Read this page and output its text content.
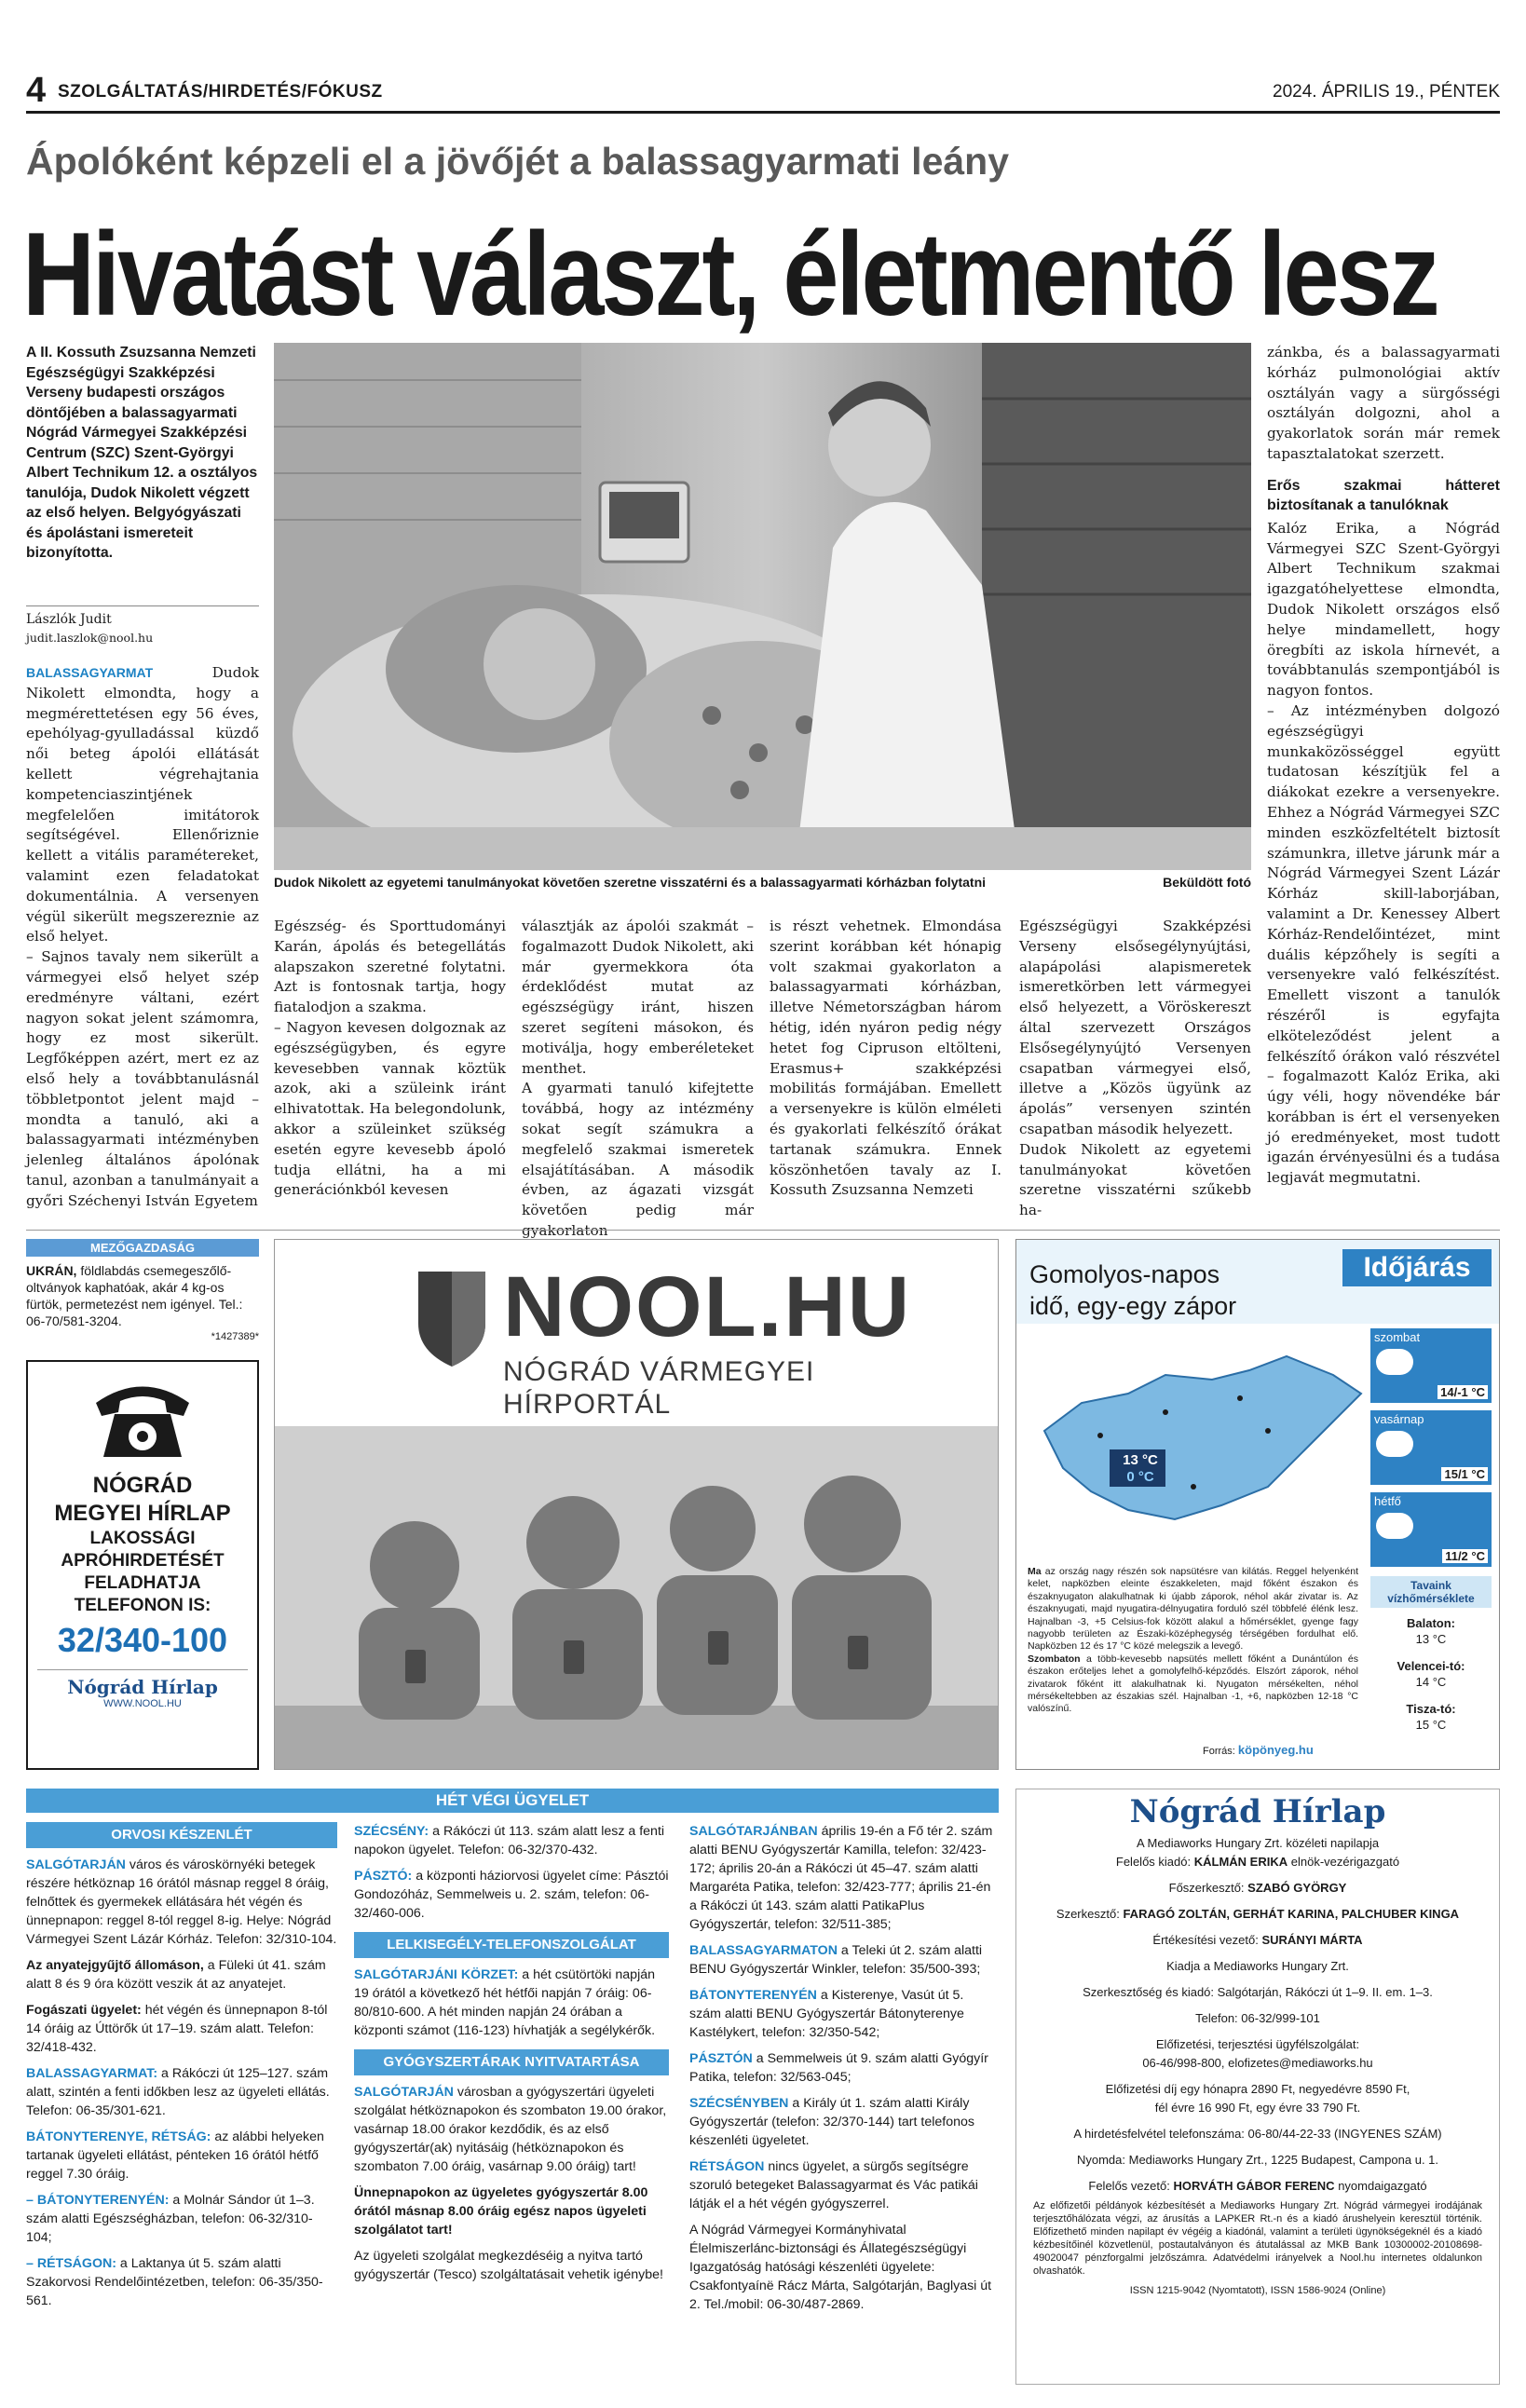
4 SZOLGÁLTATÁS/HIRDETÉS/FÓKUSZ	2024. ÁPRILIS 19., PÉNTEK
Ápolóként képzeli el a jövőjét a balassagyarmati leány
Hivatást választ, életmentő lesz
A II. Kossuth Zsuzsanna Nemzeti Egészségügyi Szakképzési Verseny budapesti országos döntőjében a balassagyarmati Nógrád Vármegyei Szakképzési Centrum (SZC) Szent-Györgyi Albert Technikum 12. a osztályos tanulója, Dudok Nikolett végzett az első helyen. Belgyógyászati és ápolástani ismereteit bizonyította.
Lászlók Judit
judit.laszlok@nool.hu

BALASSAGYARMAT	Dudok Nikolett elmondta, hogy a megmérettetésen egy 56 éves, epehólyag-gyulladással küzdő női beteg ápolói ellátását kellett végrehajtania kompetenciaszintjének megfelelően imitátorok segítségével. Ellenőriznie kellett a vitális paramétereket, valamint ezen feladatokat dokumentálnia. A versenyen végül sikerült megszereznie az első helyet.

– Sajnos tavaly nem sikerült a vármegyei első helyet szép eredményre váltani, ezért nagyon sokat jelent számomra, hogy ez most sikerült. Legfőképpen azért, mert ez az első hely a továbbtanulásnál többletpontot jelent majd – mondta a tanuló, aki a balassagyarmati intézményben jelenleg általános ápolónak tanul, azonban a tanulmányait a győri Széchenyi István Egyetem

Dudok Nikolett az egyetemi tanulmányokat követően szeretne visszatérni és a balassagyarmati kórházban folytatni	Beküldött fotó

zánkba, és a balassagyarmati kórház pulmonológiai aktív osztályán vagy a sürgősségi osztályán dolgozni, ahol a gyakorlatok során már remek tapasztalatokat szerzett.

Erős szakmai hátteret biztosítanak a tanulóknak

Kalóz Erika, a Nógrád Vármegyei SZC Szent-Györgyi Albert Technikum szakmai igazgatóhelyettese elmondta, Dudok Nikolett országos első helye mindamellett, hogy öregbíti az iskola hírnevét, a továbbtanulás szempontjából is nagyon fontos.

– Az intézményben dolgozó egészségügyi munkaközösséggel együtt tudatosan készítjük fel a diákokat ezekre a versenyekre. Ehhez a Nógrád Vármegyei SZC minden eszközfeltételt biztosít számunkra, illetve járunk már a Nógrád Vármegyei Szent Lázár Kórház skill-laborjában, valamint a Dr. Kenessey Albert Kórház-Rendelőintézet, mint duális képzőhely is segíti a versenyekre való felkészítést. Emellett viszont a tanulók részéről is egyfajta elköteleződést jelent a felkészítő órákon való részvétel – fogalmazott Kalóz Erika, aki úgy véli, hogy növendéke bár korábban is ért el versenyeken jó eredményeket, most tudott igazán érvényesülni és a tudása legjavát megmutatni.

Egészség- és Sporttudományi Karán, ápolás és betegellátás alapszakon szeretné folytatni. Azt is fontosnak tartja, hogy fiatalodjon a szakma.

– Nagyon kevesen dolgoznak az egészségügyben, és egyre kevesebben vannak köztük azok, aki a szüleink iránt elhivatottak. Ha belegondolunk, akkor a szüleinket szükség esetén egyre kevesebb ápoló tudja ellátni, ha a mi generációnkból kevesen

választják az ápolói szakmát – fogalmazott Dudok Nikolett, aki már gyermekkora óta érdeklődést mutat az egészségügy iránt, hiszen szeret segíteni másokon, és motiválja, hogy emberéleteket menthet.

A gyarmati tanuló kifejtette továbbá, hogy az intézmény sokat segít számukra a megfelelő szakmai ismeretek elsajátításában. A második évben, az ágazati vizsgát követően pedig már gyakorlaton

is részt vehetnek. Elmondása szerint korábban két hónapig volt szakmai gyakorlaton a balassagyarmati kórházban, illetve Németországban három hétig, idén nyáron pedig négy hetet fog Cipruson eltölteni, Erasmus+ szakképzési mobilitás formájában. Emellett a versenyekre is külön elméleti és gyakorlati felkészítő órákat tartanak számukra. Ennek köszönhetően tavaly az I. Kossuth Zsuzsanna Nemzeti

Egészségügyi Szakképzési Verseny elsősegélynyújtási, alapápolási alapismeretek ismeretkörben lett vármegyei első helyezett, a Vöröskereszt által szervezett Országos Elsősegélynyújtó Versenyen csapatban vármegyei első, illetve a „Közös ügyünk az ápolás” versenyen szintén csapatban második helyezett.

Dudok Nikolett az egyetemi tanulmányokat követően szeretne visszatérni szűkebb ha-

MEZŐGAZDASÁG
UKRÁN, földlabdás csemegeszőlő-oltványok kaphatóak, akár 4 kg-os fürtök, permetezést nem igényel. Tel.: 06-70/581-3204.
*1427389*
NÓGRÁD
MEGYEI HÍRLAP
LAKOSSÁGI
APRÓHIRDETÉSÉT
FELADHATJA
TELEFONON IS:
32/340-100
Nógrád Hírlap
WWW.NOOL.HU
NOOL.HU
NÓGRÁD VÁRMEGYEI
HÍRPORTÁL
Időjárás
Gomolyos-napos
idő, egy-egy zápor
13 °C
0 °C
szombat
14/-1 °C
vasárnap
15/1 °C
hétfő
11/2 °C
Tavaink vízhőmérséklete
Balaton:
13 °C
Velencei-tó:
14 °C
Tisza-tó:
15 °C
Ma az ország nagy részén sok napsütésre van kilátás. Reggel helyenként kelet, napközben eleinte északkeleten, majd főként északon és északnyugaton alakulhatnak ki újabb záporok, néhol akár zivatar is. Az északnyugati, majd nyugatira-délnyugatira forduló szél többfelé élénk lesz. Hajnalban -3, +5 Celsius-fok között alakul a hőmérséklet, gyenge fagy nagyobb területen az Északi-középhegység térségében fordulhat elő. Napközben 12 és 17 °C közé melegszik a levegő.
Szombaton a több-kevesebb napsütés mellett főként a Dunántúlon és északon erőteljes lehet a gomolyfelhő-képződés. Elszórt záporok, néhol zivatarok főként itt alakulhatnak ki. Nyugaton mérsékelten, néhol mérsékeltebben az északias szél. Hajnalban -1, +6, napközben 12-18 °C valószínű.
Forrás: köpönyeg.hu
HÉT VÉGI ÜGYELET
ORVOSI KÉSZENLÉT

SALGÓTARJÁN város és városkörnyéki betegek részére hétköznap 16 órától másnap reggel 8 óráig, felnőttek és gyermekek ellátására hét végén és ünnepnapon: reggel 8-tól reggel 8-ig. Helye: Nógrád Vármegyei Szent Lázár Kórház. Telefon: 32/310-104.

Az anyatejgyűjtő állomáson, a Füleki út 41. szám alatt 8 és 9 óra között veszik át az anyatejet.

Fogászati ügyelet: hét végén és ünnepnapon 8-tól 14 óráig az Úttörők út 17–19. szám alatt. Telefon: 32/418-432.

BALASSAGYARMAT: a Rákóczi út 125–127. szám alatt, szintén a fenti időkben lesz az ügyeleti ellátás. Telefon: 06-35/301-621.

BÁTONYTERENYE, RÉTSÁG: az alábbi helyeken tartanak ügyeleti ellátást, pénteken 16 órától hétfő reggel 7.30 óráig.

– BÁTONYTERENYÉN: a Molnár Sándor út 1–3. szám alatti Egészségházban, telefon: 06-32/310-104;

– RÉTSÁGON: a Laktanya út 5. szám alatti Szakorvosi Rendelőintézetben, telefon: 06-35/350-561.

SZÉCSÉNY: a Rákóczi út 113. szám alatt lesz a fenti napokon ügyelet. Telefon: 06-32/370-432.

PÁSZTÓ: a központi háziorvosi ügyelet címe: Pásztói Gondozóház, Semmelweis u. 2. szám, telefon: 06-32/460-006.

LELKISEGÉLY-TELEFONSZOLGÁLAT

SALGÓTARJÁNI KÖRZET: a hét csütörtöki napján 19 órától a következő hét hétfői napján 7 óráig: 06-80/810-600. A hét minden napján 24 órában a központi számot (116-123) hívhatják a segélykérők.

GYÓGYSZERTÁRAK NYITVATARTÁSA

SALGÓTARJÁN városban a gyógyszertári ügyeleti szolgálat hétköznapokon és szombaton 19.00 órakor, vasárnap 18.00 órakor kezdődik, és az első gyógyszertár(ak) nyitásáig (hétköznapokon és szombaton 7.00 óráig, vasárnap 9.00 óráig) tart!

Ünnepnapokon az ügyeletes gyógyszertár 8.00 órától másnap 8.00 óráig egész napos ügyeleti szolgálatot tart!

Az ügyeleti szolgálat megkezdéséig a nyitva tartó gyógyszertár (Tesco) szolgáltatásait vehetik igénybe!

SALGÓTARJÁNBAN április 19-én a Fő tér 2. szám alatti BENU Gyógyszertár Kamilla, telefon: 32/423-172; április 20-án a Rákóczi út 45–47. szám alatti Margaréta Patika, telefon: 32/423-777; április 21-én a Rákóczi út 143. szám alatti PatikaPlus Gyógyszertár, telefon: 32/511-385;

BALASSAGYARMATON a Teleki út 2. szám alatti BENU Gyógyszertár Winkler, telefon: 35/500-393;

BÁTONYTERENYÉN a Kisterenye, Vasút út 5. szám alatti BENU Gyógyszertár Bátonyterenye Kastélykert, telefon: 32/350-542;

PÁSZTÓN a Semmelweis út 9. szám alatti Gyógyír Patika, telefon: 32/563-045;

SZÉCSÉNYBEN a Király út 1. szám alatti Király Gyógyszertár (telefon: 32/370-144) tart telefonos készenléti ügyeletet.

RÉTSÁGON nincs ügyelet, a sürgős segítségre szoruló betegeket Balassagyarmat és Vác patikái látják el a hét végén gyógyszerrel.

A Nógrád Vármegyei Kormányhivatal Élelmiszerlánc-biztonsági és Állategészségügyi Igazgatóság hatósági készenléti ügyelete: Csakfontyaínë Rácz Márta, Salgótarján, Baglyasi út 2. Tel./mobil: 06-30/487-2869.

Nógrád Hírlap
A Mediaworks Hungary Zrt. közéleti napilapja
Felelős kiadó: KÁLMÁN ERIKA elnök-vezérigazgató
Főszerkesztő: SZABÓ GYÖRGY
Szerkesztő: FARAGÓ ZOLTÁN, GERHÁT KARINA, PALCHUBER KINGA
Értékesítési vezető: SURÁNYI MÁRTA
Kiadja a Mediaworks Hungary Zrt.
Szerkesztőség és kiadó: Salgótarján, Rákóczi út 1–9. II. em. 1–3.
Telefon: 06-32/999-101
Előfizetési, terjesztési ügyfélszolgálat:
06-46/998-800, elofizetes@mediaworks.hu
Előfizetési díj egy hónapra 2890 Ft, negyedévre 8590 Ft,
fél évre 16 990 Ft, egy évre 33 790 Ft.
A hirdetésfelvétel telefonszáma: 06-80/44-22-33 (INGYENES SZÁM)
Nyomda: Mediaworks Hungary Zrt., 1225 Budapest, Campona u. 1.
Felelős vezető: HORVÁTH GÁBOR FERENC nyomdaigazgató
Az előfizetői példányok kézbesítését a Mediaworks Hungary Zrt. Nógrád vármegyei irodájának terjesztőhálózata végzi, az árusítás a LAPKER Rt.-n és a kiadó árushelyein keresztül történik. Előfizethető minden napilapt év végéig a kiadónál, valamint a területi ügynökségeknél és a kiadó kézbesítőinél közvetlenül, postautalványon és átutalással az MKB Bank 10300002-20108698-49020047 pénzforgalmi jelzőszámra. Adatvédelmi irányelvek a Nool.hu internetes oldalunkon olvashatók.
ISSN 1215-9042 (Nyomtatott), ISSN 1586-9024 (Online)
